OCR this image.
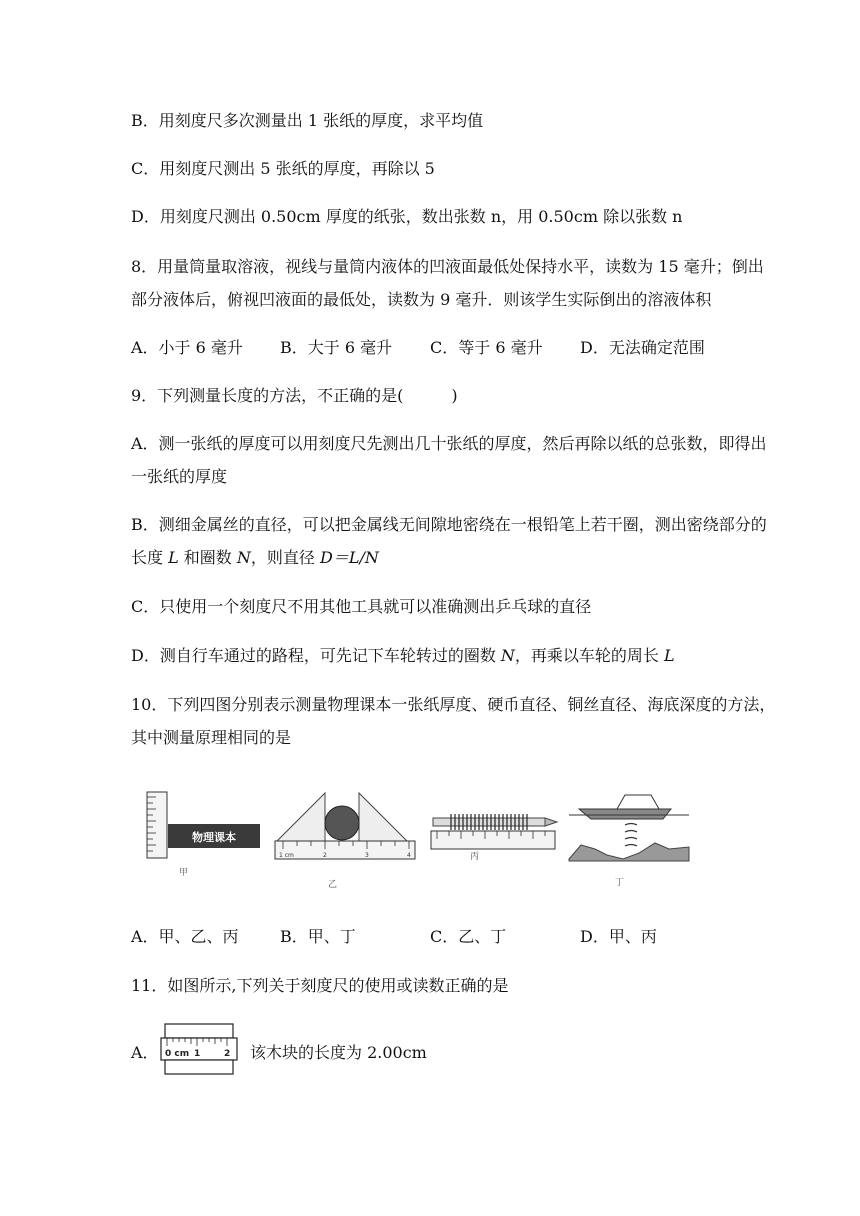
B．用刻度尺多次测量出 1 张纸的厚度，求平均值
C．用刻度尺测出 5 张纸的厚度，再除以 5
D．用刻度尺测出 0.50cm 厚度的纸张，数出张数 n，用 0.50cm 除以张数 n
8．用量筒量取溶液，视线与量筒内液体的凹液面最低处保持水平，读数为 15 毫升；倒出
部分液体后，俯视凹液面的最低处，读数为 9 毫升．则该学生实际倒出的溶液体积
A．小于 6 毫升 B．大于 6 毫升 C．等于 6 毫升 D．无法确定范围
9．下列测量长度的方法，不正确的是(　　　)
A．测一张纸的厚度可以用刻度尺先测出几十张纸的厚度，然后再除以纸的总张数，即得出
一张纸的厚度
B．测细金属丝的直径，可以把金属线无间隙地密绕在一根铅笔上若干圈，测出密绕部分的
长度 L 和圈数 N，则直径 D＝L/N
C．只使用一个刻度尺不用其他工具就可以准确测出乒乓球的直径
D．测自行车通过的路程，可先记下车轮转过的圈数 N，再乘以车轮的周长 L
10．下列四图分别表示测量物理课本一张纸厚度、硬币直径、铜丝直径、海底深度的方法，
其中测量原理相同的是
物理课本
甲
1 cm	2	3	4
乙
丙
丁
A．甲、乙、丙	B．甲、丁	C．乙、丁	D．甲、丙
11．如图所示,下列关于刻度尺的使用或读数正确的是
A． 0 cm 1	2 该木块的长度为 2.00cm
